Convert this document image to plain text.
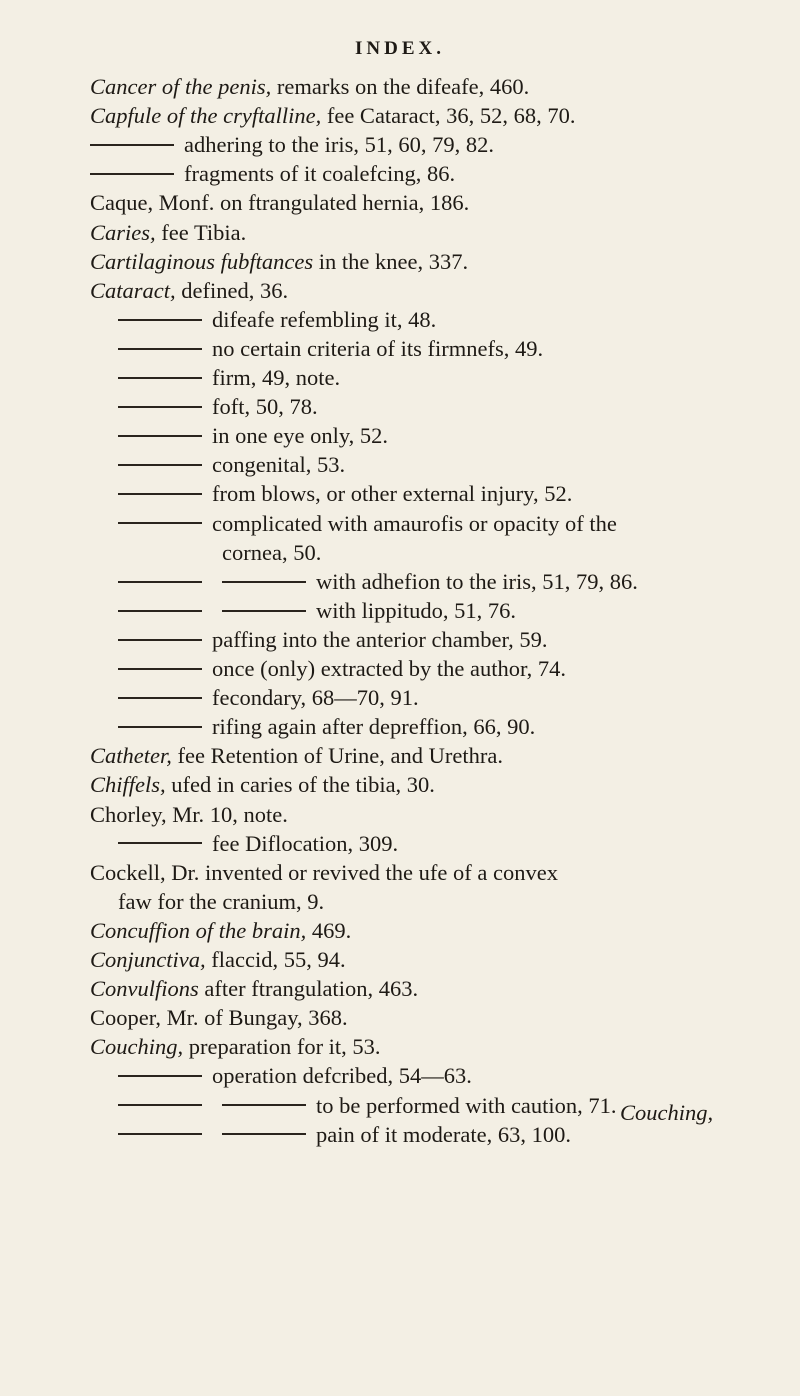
INDEX.
Cancer of the penis, remarks on the difeafe, 460.
Capfule of the cryftalline, fee Cataract, 36, 52, 68, 70.
adhering to the iris, 51, 60, 79, 82.
fragments of it coalefcing, 86.
Caque, Monf. on ftrangulated hernia, 186.
Caries, fee Tibia.
Cartilaginous fubftances in the knee, 337.
Cataract, defined, 36.
difeafe refembling it, 48.
no certain criteria of its firmnefs, 49.
firm, 49, note.
foft, 50, 78.
in one eye only, 52.
congenital, 53.
from blows, or other external injury, 52.
complicated with amaurofis or opacity of the
cornea, 50.
with adhefion to the iris, 51, 79, 86.
with lippitudo, 51, 76.
paffing into the anterior chamber, 59.
once (only) extracted by the author, 74.
fecondary, 68—70, 91.
rifing again after depreffion, 66, 90.
Catheter, fee Retention of Urine, and Urethra.
Chiffels, ufed in caries of the tibia, 30.
Chorley, Mr. 10, note.
fee Diflocation, 309.
Cockell, Dr. invented or revived the ufe of a convex
faw for the cranium, 9.
Concuffion of the brain, 469.
Conjunctiva, flaccid, 55, 94.
Convulfions after ftrangulation, 463.
Cooper, Mr. of Bungay, 368.
Couching, preparation for it, 53.
operation defcribed, 54—63.
to be performed with caution, 71.
pain of it moderate, 63, 100.
Couching,
